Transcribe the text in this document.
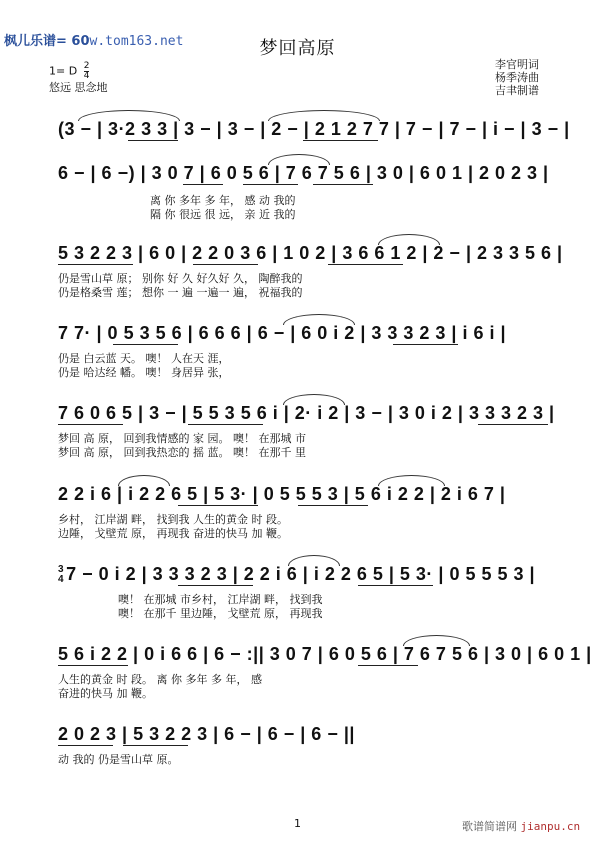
枫儿乐谱= 60w.tom163.net	梦回高原
1= D $\frac{2}{4}$
悠远 思念地
李官明词
杨季涛曲
吉聿制谱
(3 − | 3·2 3 3 | 3 − | 3 − | 2 − | 2 1 2 7 7 | 7 − | 7 − | i − | 3 − |
6 − | 6 −) | 3 0 7 | 6 0 5 6 | 7 6 7 5 6 | 3 0 | 6 0 1 | 2 0 2 3 |
离 你 多年 多 年， 感 动 我的
隔 你 很远 很 远， 亲 近 我的
5 3 2 2 3 | 6 0 | 2 2 0 3 6 | 1 0 2 | 3 6 6 1 2 | 2 − | 2 3 3 5 6 |
仍是雪山草 原； 别你 好 久 好久好 久， 陶醉我的
仍是格桑雪 莲； 想你 一 遍 一遍一 遍， 祝福我的
7 7· | 0 5 3 5 6 | 6 6 6 | 6 − | 6 0 i 2 | 3 3 3 2 3 | i 6 i |
仍是 白云蓝 天。 噢！ 人在天 涯，
仍是 哈达经 幡。 噢！ 身居异 张，
7 6 0 6 5 | 3 − | 5 5 3 5 6 i | 2· i 2 | 3 − | 3 0 i 2 | 3 3 3 2 3 |
梦回 高 原， 回到我情感的 家 园。 噢！ 在那城 市
梦回 高 原， 回到我热恋的 摇 蓝。 噢！ 在那千 里
2 2 i 6 | i 2 2 6 5 | 5 3· | 0 5 5 5 3 | 5 6 i 2 2 | 2 i 6 7 |
乡村， 江岸湖 畔， 找到我 人生的黄金 时 段。
边陲， 戈壁荒 原， 再现我 奋进的快马 加 鞭。
3
4 7 − 0 i 2 | 3 3 3 2 3 | 2 2 i 6 | i 2 2 6 5 | 5 3· | 0 5 5 5 3 |
噢！ 在那城 市乡村， 江岸湖 畔， 找到我
噢！ 在那千 里边陲， 戈壁荒 原， 再现我
5 6 i 2 2 | 0 i 6 6 | 6 − :|| 3 0 7 | 6 0 5 6 | 7 6 7 5 6 | 3 0 | 6 0 1 |
人生的黄金 时 段。 离 你 多年 多 年， 感
奋进的快马 加 鞭。
2 0 2 3 | 5 3 2 2 3 | 6 − | 6 − | 6 − ||
动 我的 仍是雪山草 原。
1	歌谱简谱网 jianpu.cn
